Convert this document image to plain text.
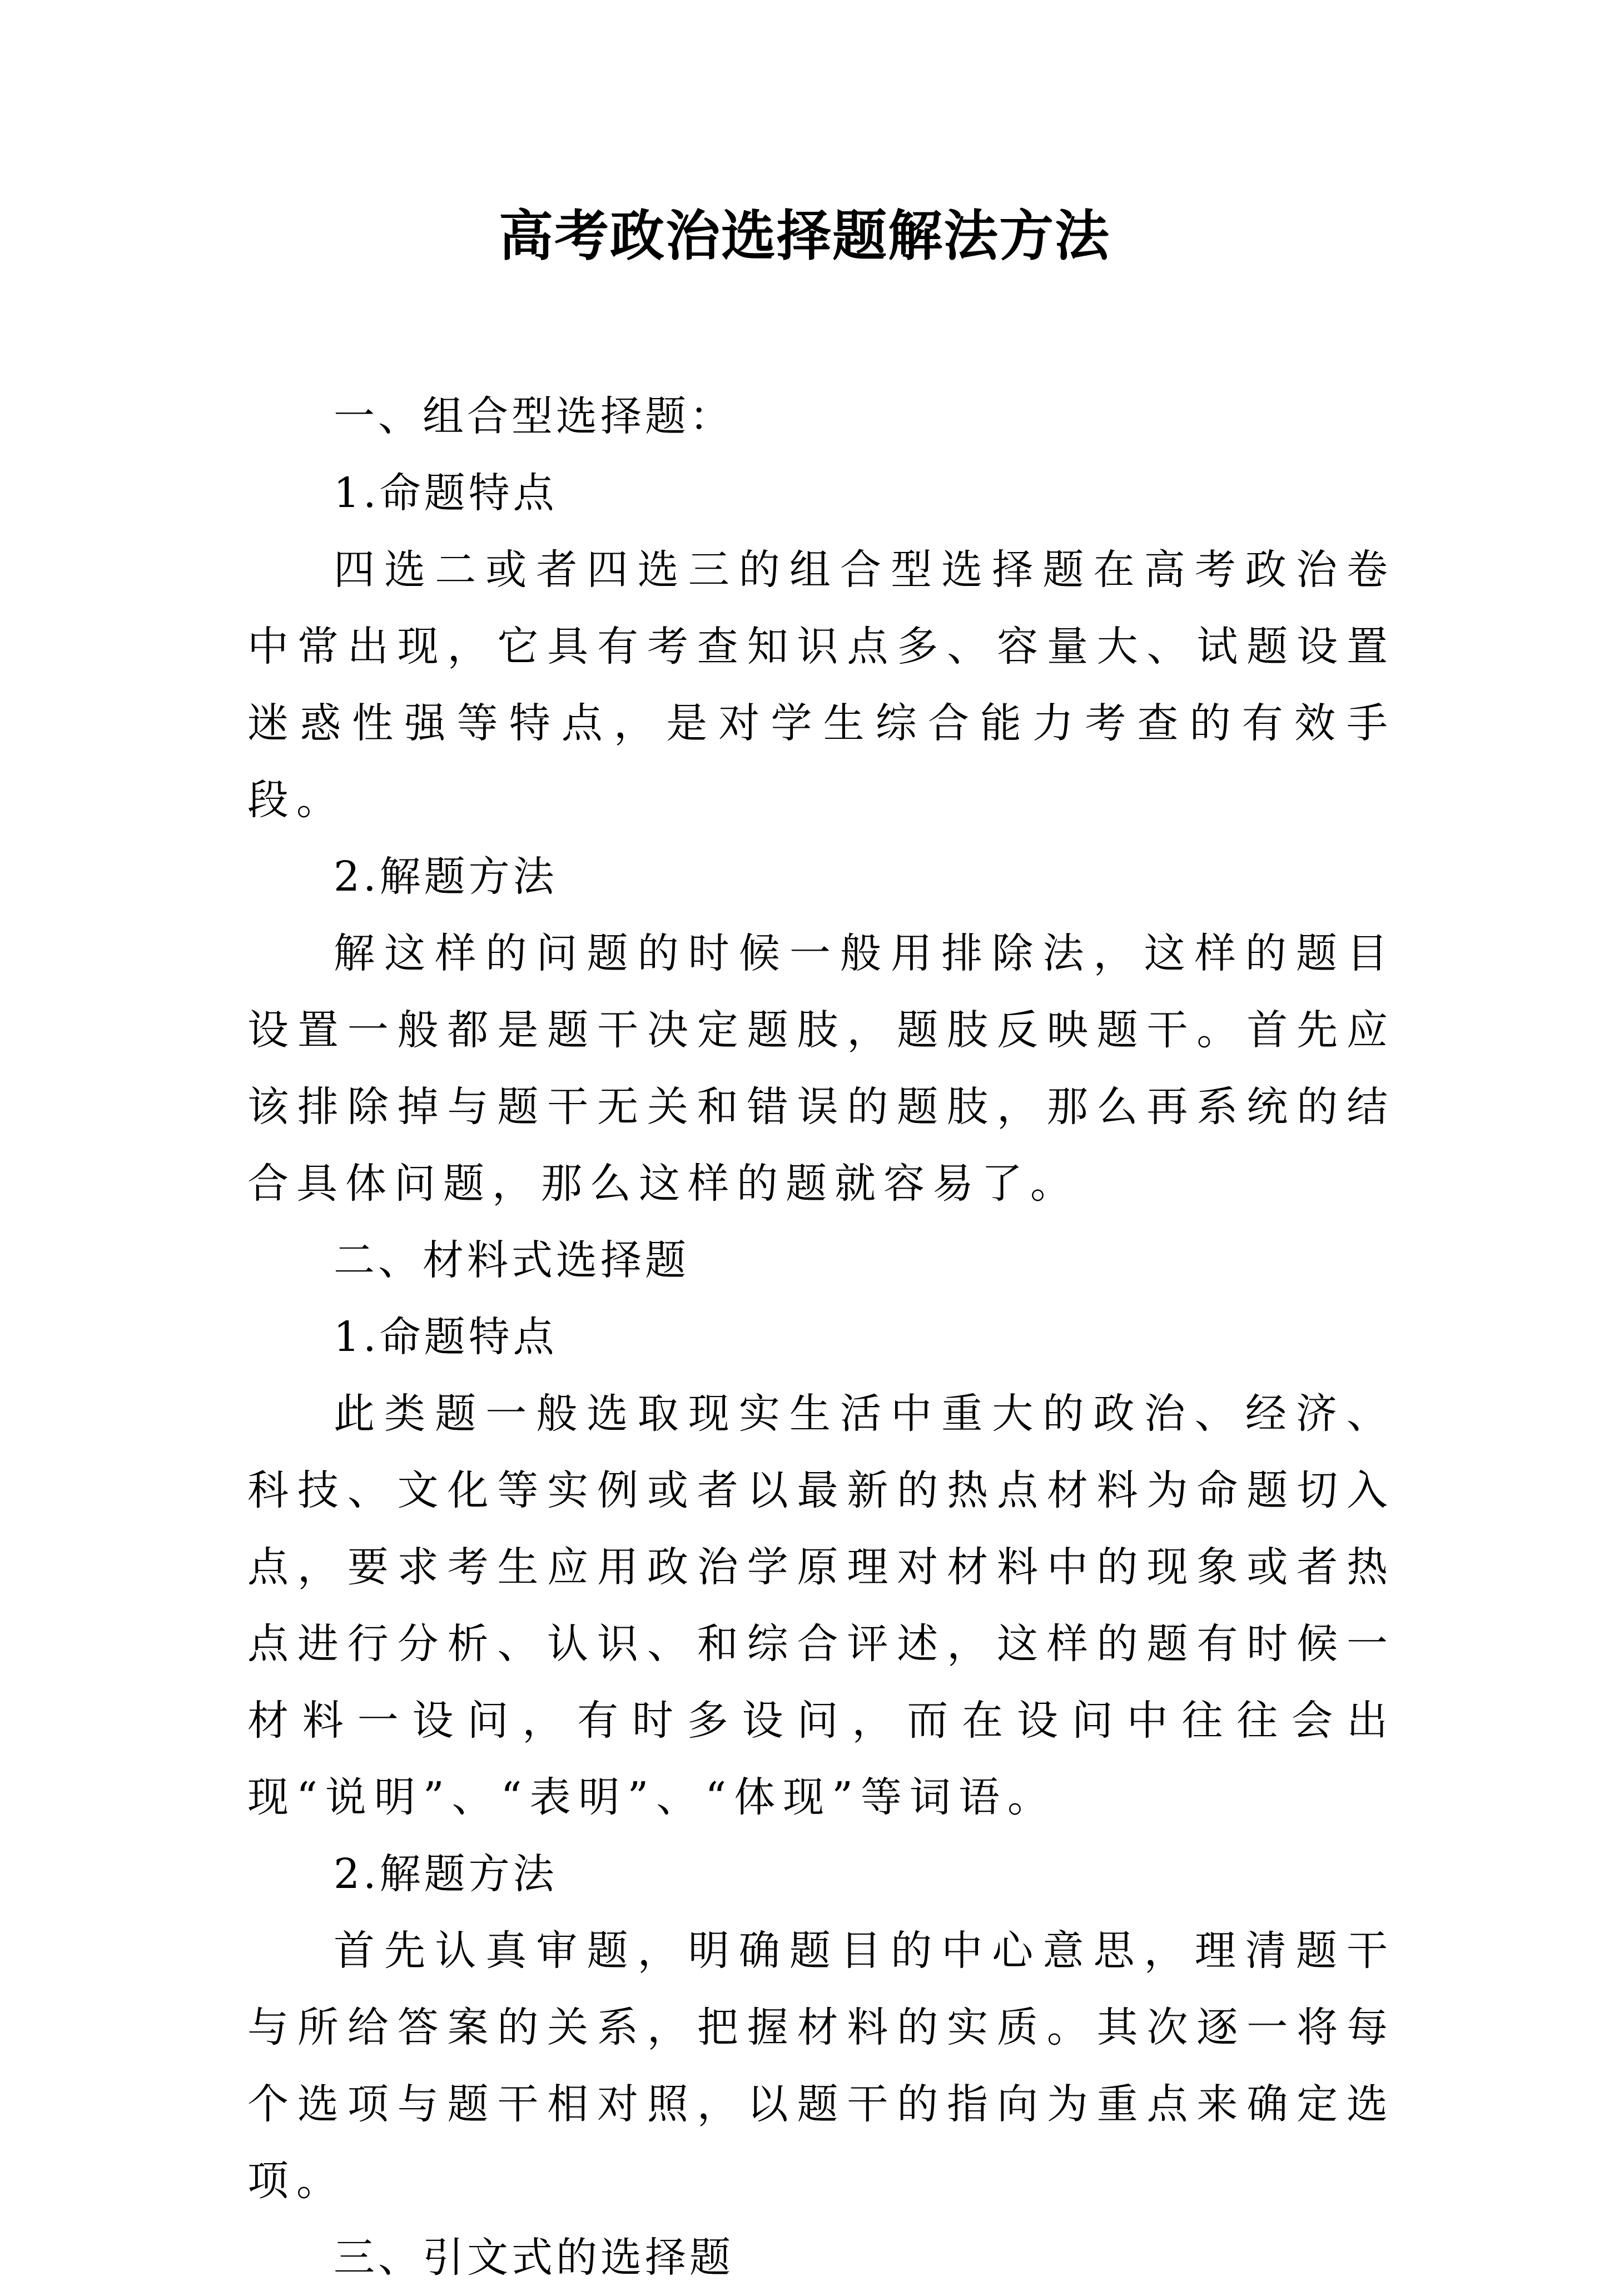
高考政治选择题解法方法

一、组合型选择题：

1.命题特点

四选二或者四选三的组合型选择题在高考政治卷中常出现，它具有考查知识点多、容量大、试题设置迷惑性强等特点，是对学生综合能力考查的有效手段。

2.解题方法

解这样的问题的时候一般用排除法，这样的题目设置一般都是题干决定题肢，题肢反映题干。首先应该排除掉与题干无关和错误的题肢，那么再系统的结合具体问题，那么这样的题就容易了。

二、材料式选择题

1.命题特点

此类题一般选取现实生活中重大的政治、经济、科技、文化等实例或者以最新的热点材料为命题切入点，要求考生应用政治学原理对材料中的现象或者热点进行分析、认识、和综合评述，这样的题有时候一材料一设问，有时多设问，而在设问中往往会出现“说明”、“表明”、“体现”等词语。

2.解题方法

首先认真审题，明确题目的中心意思，理清题干与所给答案的关系，把握材料的实质。其次逐一将每个选项与题干相对照，以题干的指向为重点来确定选项。

三、引文式的选择题
